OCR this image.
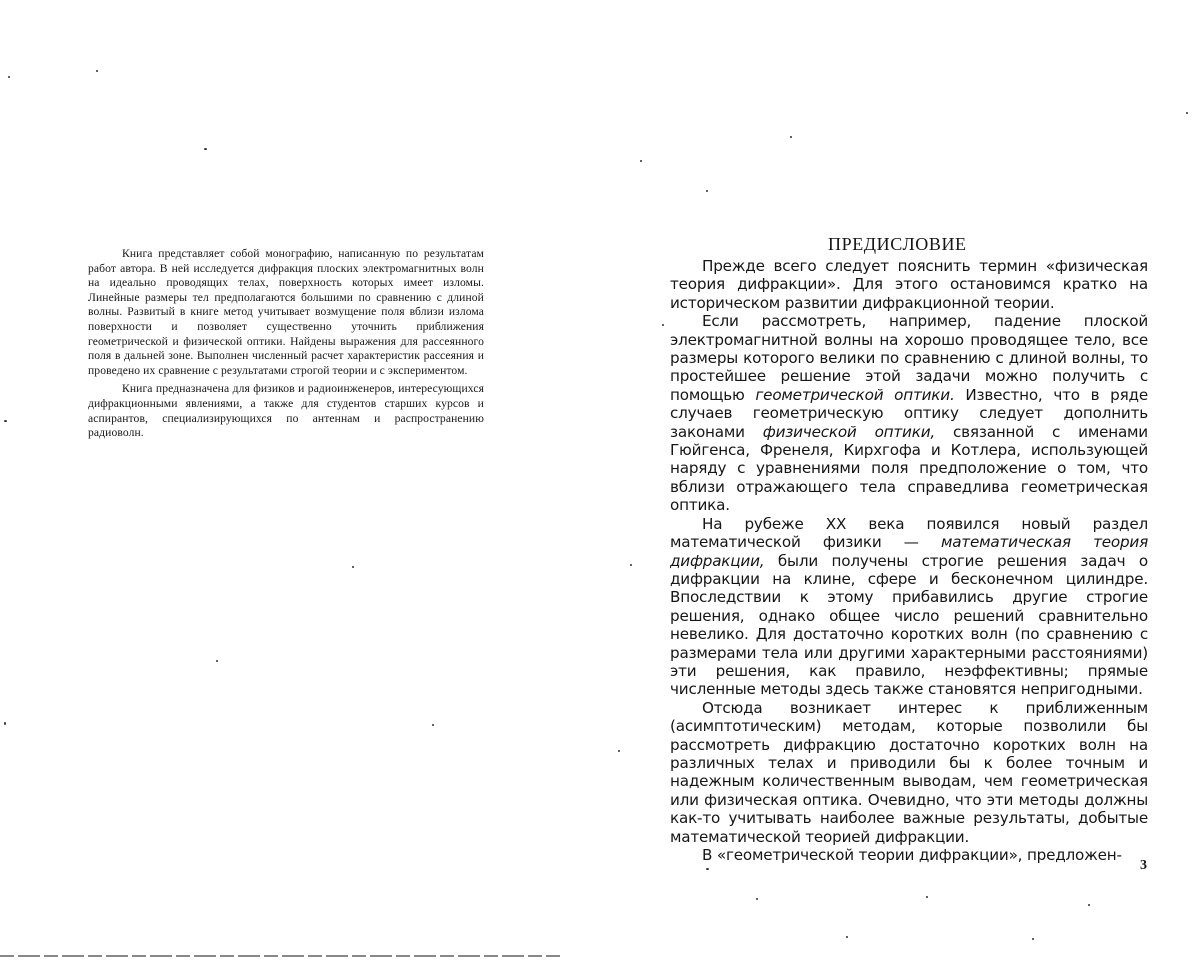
Книга представляет собой монографию, написанную по результатам работ автора. В ней исследуется дифракция плоских электромагнитных волн на идеально проводящих телах, поверхность которых имеет изломы. Линейные размеры тел предполагаются большими по сравнению с длиной волны. Развитый в книге метод учитывает возмущение поля вблизи излома поверхности и позволяет существенно уточнить приближения геометрической и физической оптики. Найдены выражения для рассеянного поля в дальней зоне. Выполнен численный расчет характеристик рассеяния и проведено их сравнение с результатами строгой теории и с экспериментом.

Книга предназначена для физиков и радиоинженеров, интересующихся дифракционными явлениями, а также для студентов старших курсов и аспирантов, специализирующихся по антеннам и распространению радиоволн.

ПРЕДИСЛОВИЕ

Прежде всего следует пояснить термин «физическая теория дифракции». Для этого остановимся кратко на историческом развитии дифракционной теории.

Если рассмотреть, например, падение плоской электромагнитной волны на хорошо проводящее тело, все размеры которого велики по сравнению с длиной волны, то простейшее решение этой задачи можно получить с помощью геометрической оптики. Известно, что в ряде случаев геометрическую оптику следует дополнить законами физической оптики, связанной с именами Гюйгенса, Френеля, Кирхгофа и Котлера, использующей наряду с уравнениями поля предположение о том, что вблизи отражающего тела справедлива геометрическая оптика.

На рубеже XX века появился новый раздел математической физики — математическая теория дифракции, были получены строгие решения задач о дифракции на клине, сфере и бесконечном цилиндре. Впоследствии к этому прибавились другие строгие решения, однако общее число решений сравнительно невелико. Для достаточно коротких волн (по сравнению с размерами тела или другими характерными расстояниями) эти решения, как правило, неэффективны; прямые численные методы здесь также становятся непригодными.

Отсюда возникает интерес к приближенным (асимптотическим) методам, которые позволили бы рассмотреть дифракцию достаточно коротких волн на различных телах и приводили бы к более точным и надежным количественным выводам, чем геометрическая или физическая оптика. Очевидно, что эти методы должны как-то учитывать наиболее важные результаты, добытые математической теорией дифракции.

В «геометрической теории дифракции», предложен-

3
